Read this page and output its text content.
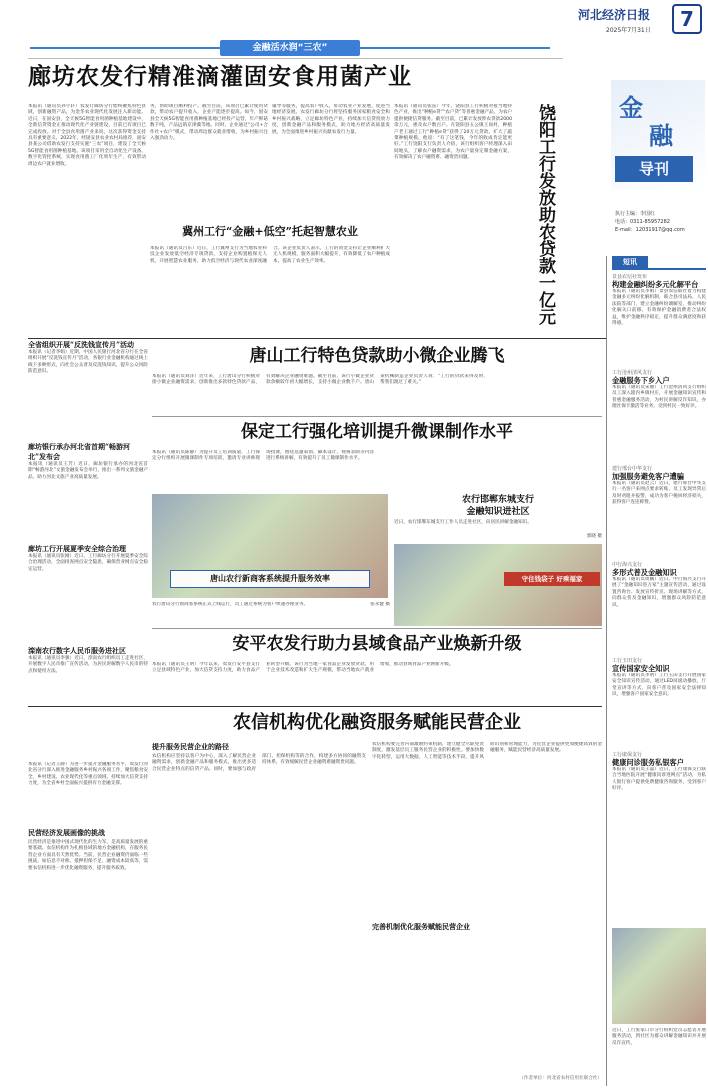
河北经济日报
2025年7月31日	7
金融活水润“三农”
廊坊农发行精准滴灌固安食用菌产业
本报讯（通讯员孙宇轩）农发行廊坊分行始终聚焦特色县域，创新融资产品，为金华农业现代化发展注入新动能。近日，在固安县，全天候5G智能食用菌种植基地建设中，全新信贷资金正推动现代化产业链建设，目前已有项目已完成投放。对于全县食用菌产业来说，这次获得资金支持具有重要意义。2022年，经固安县农业农村局推荐，固安县某公司借助农发行支持实施“三农”项目，建设了全天候5G智能食用菌种植基地。该项目采用全自动化生产设备、数字化管控系统，实现食用菌工厂化周年生产，有效带动周边农户就业增收。
务，帮助项目顺利投产。截至目前，该项目已累计使用贷款，带动农户提升收入，企业产能逐步提高。如今，固安县全天候5G智能食用菌种植基地已经投产运营，年产鲜菇数千吨，产品远销京津冀等地。同时，企业通过“公司+合作社+农户”模式，带动周边群众就业增收，为乡村振兴注入强劲动力。
辅导等服务，提高农户收入，带动农业产业发展，促进当地经济发展。农发行廊坊分行将坚持服务国家粮食安全和乡村振兴战略，立足廊坊特色产业，持续加大信贷投放力度，创新金融产品和服务模式，助力地方经济高质量发展，为全面推进乡村振兴贡献农发行力量。
本报讯（通讯员张雷）今年，饶阳县工行积极对接当地特色产业，推出“种植e贷”“农户贷”等普惠金融产品，为农户提供便捷信贷服务。截至目前，已累计发放涉农贷款2000余万元，惠及农户数百户。在饶阳县五公镇王岗村，种植户老王通过工行“种植e贷”获得了20万元贷款，扩大了蔬菜种植规模。他说：“有了这笔钱，今年的收成肯定能更好。”工行饶阳支行负责人介绍，该行组织客户经理深入田间地头，了解农户融资需求，为农户量身定制金融方案，有效解决了农户融资难、融资贵问题。
冀州工行“金融+低空”托起智慧农业
本报讯（通讯员吕东）近日，工行冀州支行为当地农业科技企业发放低空经济专项贷款，支持企业购置植保无人机，开展智慧农业服务，助力低空经济与现代农业深度融合。该企业负责人表示，工行的资金支持让企业顺利扩大无人机规模，服务面积大幅提升，有效降低了农户种植成本，提高了农业生产效率。	饶阳工行发放助农贷款一亿元	金
融
导刊
执行主编：李国红
电话：0311-85957282
E-mail：12031917@qq.com
短讯
景县农信社发布
构建金融纠纷多元化解平台
本报讯（通讯员李娟）景县农信联社着力构建金融多元纠纷化解机制，联合县司法局、人民法院等部门，建立金融纠纷调解室，推动纠纷化解关口前移，有效保护金融消费者合法权益，维护金融秩序稳定，提升群众满意度和获得感。
工行沧州清风支行
金融服务下乡入户
本报讯（通讯员宋丽）工行沧州清风支行组织员工深入辖内乡镇村庄，开展金融知识宣传和普惠金融服务活动，为村民讲解反诈知识，办理社保卡激活等业务，受到村民一致好评。
建行邢台中华支行
加强服务避免客户遭骗
本报讯（通讯员赵云）近日，建行邢台中华支行一名客户来网点要求转账，员工发现异常后及时劝阻并报警，成功为客户挽回经济损失，获得客户连连称赞。
中行海兴支行
多形式普及金融知识
本报讯（通讯员周鹏）近日，中行海兴支行开展了“金融知识进万家”主题宣传活动，通过设置咨询台、发放宣传折页、现场讲解等方式，向群众普及金融知识，增强群众风险防范意识。
工行玉田支行
宣传国家安全知识
本报讯（通讯员李明）工行玉田支行开展国家安全知识宣传活动，通过LED屏滚动播放、厅堂宣讲等方式，向客户普及国家安全法律知识，增强客户国家安全意识。
工行康保支行
健康问诊服务私银客户
本报讯（通讯员王磊）近日，工行康保支行联合当地医院开展“健康问诊进网点”活动，为私人银行客户提供免费健康咨询服务，受到客户好评。
近日，工行张家口市分行组织党员志愿者开展服务活动，到社区为群众讲解金融知识并开展反诈宣传。
全省组织开展“反洗钱宣传月”活动
本报讯（记者李娟）近期，中国人民银行河北省分行在全省组织开展“反洗钱宣传月”活动，各银行业金融机构通过线上线下多种形式，向社会公众普及反洗钱知识，提升公众风险防范意识。
廊坊银行承办河北省首期“畅游河北”发布会
本报讯（通讯员王芳）近日，廊坊银行承办的河北省首期“畅游河北”文旅金融发布会举行，推出一系列文旅金融产品，助力河北文旅产业高质量发展。
廊坊工行开展夏季安全综合治理
本报讯（通讯员张刚）近日，工行廊坊分行开展夏季安全综合治理活动，全面排查网点安全隐患，确保营业网点安全稳定运营。
滦南农行数字人民币服务进社区
本报讯（通讯员李强）近日，滦南农行组织员工走进社区，开展数字人民币推广宣传活动，为居民讲解数字人民币的特点和使用方法。
本报讯（记者王静）为进一步提升金融服务水平，农发行河北省分行深入推进金融服务乡村振兴各项工作，聚焦粮食安全、乡村建设、农业现代化等重点领域，持续加大信贷支持力度，为全省乡村全面振兴提供有力金融支撑。
唐山工行特色贷款助小微企业腾飞
本报讯（通讯员刘洋）近年来，工行唐山分行积极对接小微企业融资需求，创新推出多款特色贷款产品，有效解决企业融资难题。截至目前，该行小微企业贷款余额较年初大幅增长，支持小微企业数千户。唐山某机械制造企业负责人说：“工行的贷款来得及时，帮我们渡过了难关。”
保定工行强化培训提升微课制作水平
本报讯（通讯员陈静）为提升员工培训质量，工行保定分行组织开展微课制作专项培训，邀请专业讲师现场授课，围绕选题策划、脚本设计、视频录制等内容进行系统讲解，有效提升了员工微课制作水平。
唐山农行新商客系统提升服务效率
农行唐山分行新商客系统正式上线运行，员工通过系统为客户快速办理业务。	张永健 摄
农行邯郸东城支行
金融知识进社区
近日，农行邯郸东城支行工作人员走进社区，向居民讲解金融知识。
郭晓 摄
守住钱袋子 好乘福家
安平农发行助力县域食品产业焕新升级
本报讯（通讯员王明）今年以来，农发行安平县支行立足县域特色产业，加大信贷支持力度，助力食品产业转型升级。该行为当地一家食品企业发放贷款，用于企业技术改造和扩大生产规模，带动当地农户就业增收，推动县域食品产业焕新升级。
农信机构优化融资服务赋能民营企业
民营经济发展画像的挑战
民营经济是推进中国式现代化的生力军，是高质量发展的重要基础。农信机构作为扎根县域的地方金融机构，在服务民营企业方面具有天然优势。当前，民营企业融资仍面临一些挑战，如信息不对称、抵押担保不足、融资成本较高等，需要农信机构进一步优化融资服务，提升服务质效。
提升服务民营企业的路径
农信机构应坚持以客户为中心，深入了解民营企业融资需求，创新金融产品和服务模式，推出更多适合民营企业特点的信贷产品。同时，要加强与政府部门、担保机构等的合作，构建多方协同的融资支持体系，有效缓解民营企业融资难融资贵问题。
完善机制优化服务赋能民营企业
农信机构要完善内部激励约束机制，建立健全尽职免责制度，激发基层员工服务民营企业的积极性。要加快数字化转型，运用大数据、人工智能等技术手段，提升风险识别和管理能力，为民营企业提供更加便捷高效的金融服务，赋能民营经济高质量发展。
（作者单位：河北省农村信用社联合社）
